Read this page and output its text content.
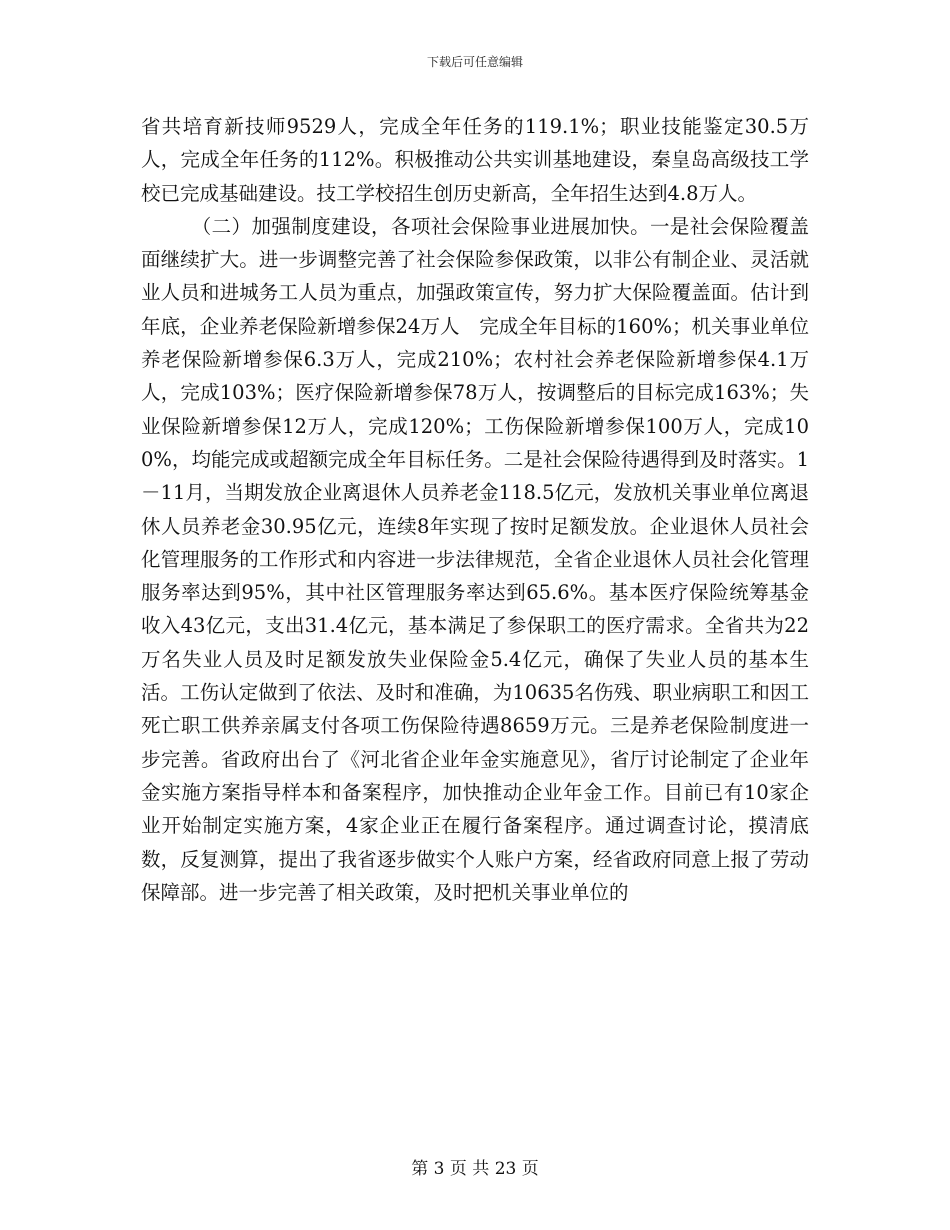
下载后可任意编辑

省共培育新技师9529人，完成全年任务的119.1%；职业技能鉴定30.5万人，完成全年任务的112%。积极推动公共实训基地建设，秦皇岛高级技工学校已完成基础建设。技工学校招生创历史新高，全年招生达到4.8万人。

（二）加强制度建设，各项社会保险事业进展加快。一是社会保险覆盖面继续扩大。进一步调整完善了社会保险参保政策，以非公有制企业、灵活就业人员和进城务工人员为重点，加强政策宣传，努力扩大保险覆盖面。估计到年底，企业养老保险新增参保24万人　完成全年目标的160%；机关事业单位养老保险新增参保6.3万人，完成210%；农村社会养老保险新增参保4.1万人，完成103%；医疗保险新增参保78万人，按调整后的目标完成163%；失业保险新增参保12万人，完成120%；工伤保险新增参保100万人，完成100%，均能完成或超额完成全年目标任务。二是社会保险待遇得到及时落实。1－11月，当期发放企业离退休人员养老金118.5亿元，发放机关事业单位离退休人员养老金30.95亿元，连续8年实现了按时足额发放。企业退休人员社会化管理服务的工作形式和内容进一步法律规范，全省企业退休人员社会化管理服务率达到95%，其中社区管理服务率达到65.6%。基本医疗保险统筹基金收入43亿元，支出31.4亿元，基本满足了参保职工的医疗需求。全省共为22万名失业人员及时足额发放失业保险金5.4亿元，确保了失业人员的基本生活。工伤认定做到了依法、及时和准确，为10635名伤残、职业病职工和因工死亡职工供养亲属支付各项工伤保险待遇8659万元。三是养老保险制度进一步完善。省政府出台了《河北省企业年金实施意见》，省厅讨论制定了企业年金实施方案指导样本和备案程序，加快推动企业年金工作。目前已有10家企业开始制定实施方案，4家企业正在履行备案程序。通过调查讨论，摸清底数，反复测算，提出了我省逐步做实个人账户方案，经省政府同意上报了劳动保障部。进一步完善了相关政策，及时把机关事业单位的

第 3 页 共 23 页
